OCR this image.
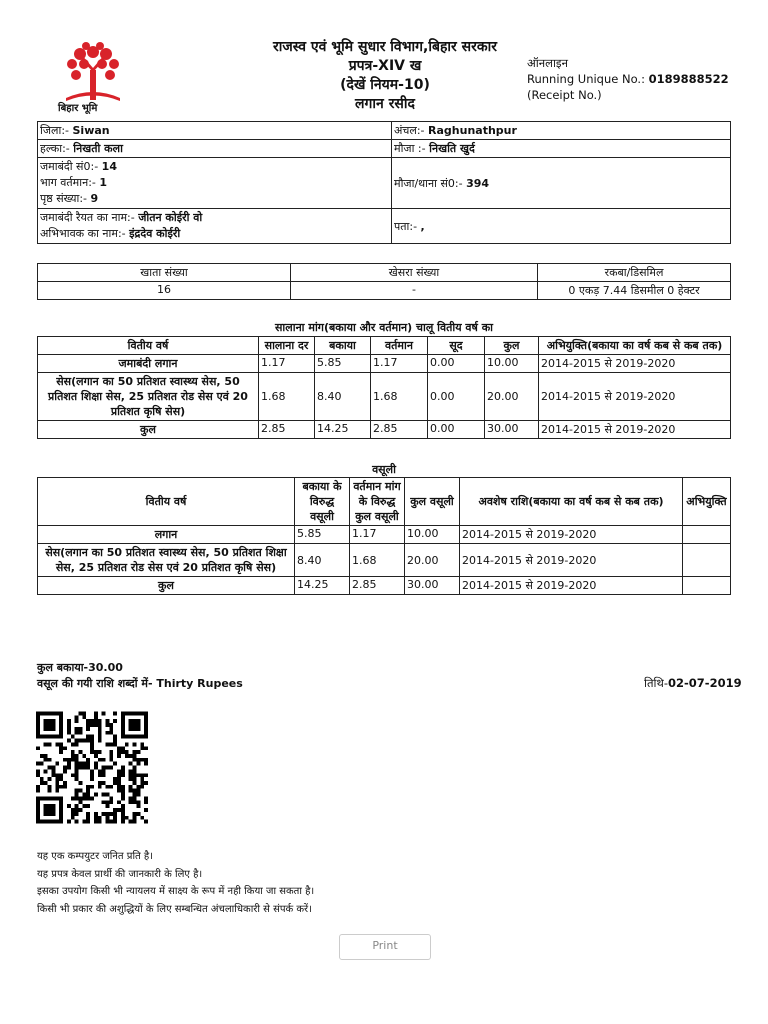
बिहार भूमि
राजस्व एवं भूमि सुधार विभाग,बिहार सरकार
प्रपत्र-XIV ख
(देखें नियम-10)
लगान रसीद
ऑनलाइन
Running Unique No.: 0189888522
(Receipt No.)
जिला:- Siwan	अंचल:- Raghunathpur
हल्का:- निखती कला	मौजा :- निखति खुर्द
जमाबंदी सं0:- 14
भाग वर्तमान:- 1
पृष्ठ संख्या:- 9	मौजा/थाना सं0:- 394
जमाबंदी रैयत का नाम:- जीतन कोईरी वो
अभिभावक का नाम:- इंद्रदेव कोईरी	पता:- ,
खाता संख्या	खेसरा संख्या	रकबा/डिसमिल
16	-	0 एकड़ 7.44 डिसमील 0 हेक्टर
सालाना मांग(बकाया और वर्तमान) चालू वितीय वर्ष का
वितीय वर्ष	सालाना दर	बकाया	वर्तमान	सूद	कुल	अभियुक्ति(बकाया का वर्ष कब से कब तक)
जमाबंदी लगान	1.17	5.85	1.17	0.00	10.00	2014-2015 से 2019-2020
सेस(लगान का 50 प्रतिशत स्वास्थ्य सेस, 50 प्रतिशत शिक्षा सेस, 25 प्रतिशत रोड सेस एवं 20 प्रतिशत कृषि सेस)	1.68	8.40	1.68	0.00	20.00	2014-2015 से 2019-2020
कुल	2.85	14.25	2.85	0.00	30.00	2014-2015 से 2019-2020
वसूली
वितीय वर्ष	बकाया के विरुद्ध वसूली	वर्तमान मांग के विरुद्ध कुल वसूली	कुल वसूली	अवशेष राशि(बकाया का वर्ष कब से कब तक)	अभियुक्ति
लगान	5.85	1.17	10.00	2014-2015 से 2019-2020	
सेस(लगान का 50 प्रतिशत स्वास्थ्य सेस, 50 प्रतिशत शिक्षा सेस, 25 प्रतिशत रोड सेस एवं 20 प्रतिशत कृषि सेस)	8.40	1.68	20.00	2014-2015 से 2019-2020	
कुल	14.25	2.85	30.00	2014-2015 से 2019-2020	
कुल बकाया-30.00
वसूल की गयी राशि शब्दों में- Thirty Rupees	तिथि-02-07-2019
यह एक कम्पयुटर जनित प्रति है।
यह प्रपत्र केवल प्रार्थी की जानकारी के लिए है।
इसका उपयोग किसी भी न्यायलय में साक्ष्य के रूप में नही किया जा सकता है।
किसी भी प्रकार की अशुद्धियों के लिए सम्बन्धित अंचलाधिकारी से संपर्क करें।
Print
